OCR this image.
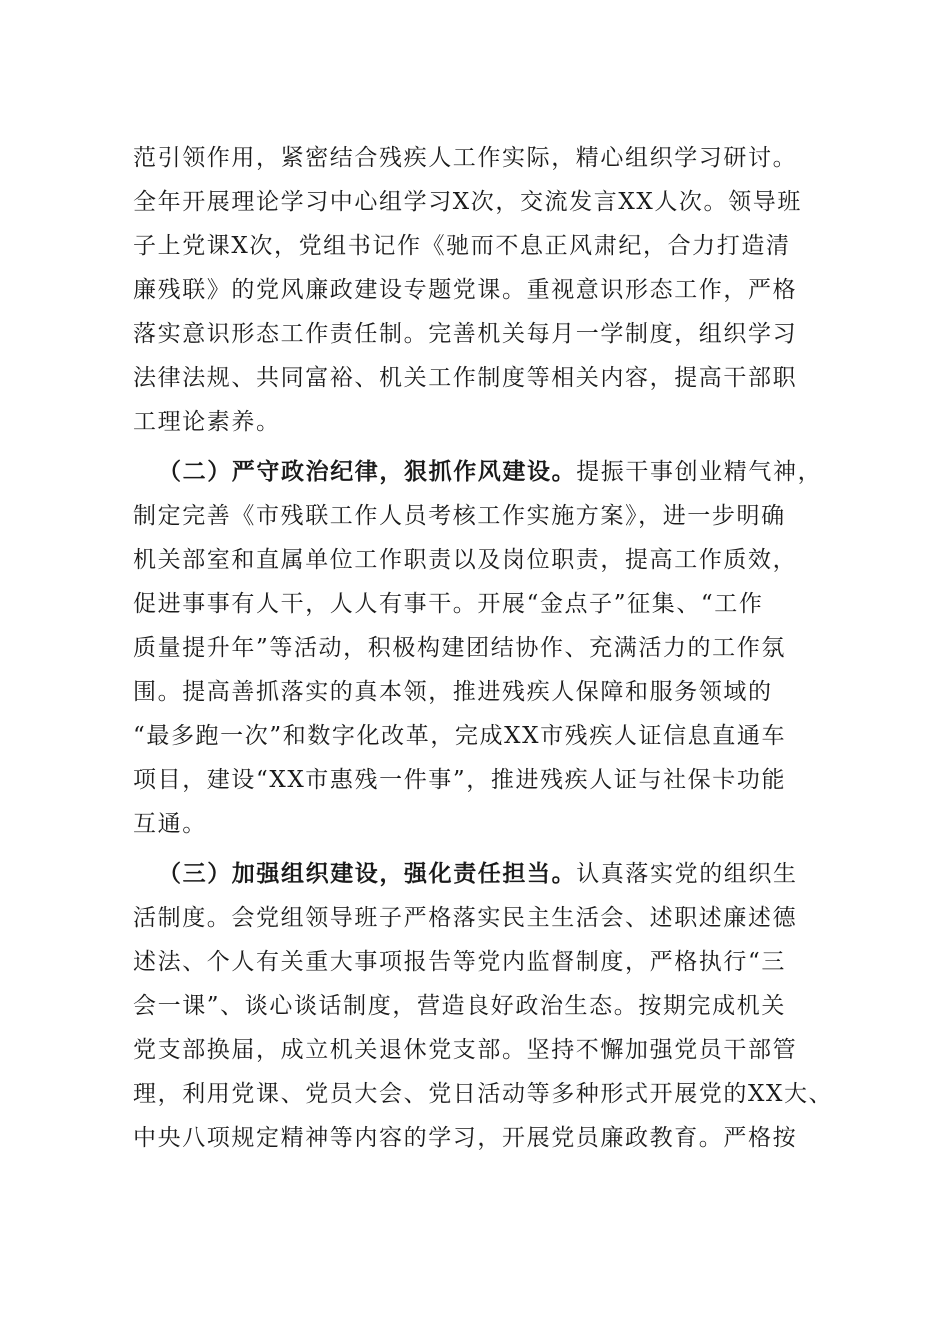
范引领作用，紧密结合残疾人工作实际，精心组织学习研讨。
全年开展理论学习中心组学习X次，交流发言XX人次。领导班
子上党课X次，党组书记作《驰而不息正风肃纪，合力打造清
廉残联》的党风廉政建设专题党课。重视意识形态工作，严格
落实意识形态工作责任制。完善机关每月一学制度，组织学习
法律法规、共同富裕、机关工作制度等相关内容，提高干部职
工理论素养。
（二）严守政治纪律，狠抓作风建设。提振干事创业精气神，
制定完善《市残联工作人员考核工作实施方案》，进一步明确
机关部室和直属单位工作职责以及岗位职责，提高工作质效，
促进事事有人干，人人有事干。开展“金点子”征集、“工作
质量提升年”等活动，积极构建团结协作、充满活力的工作氛
围。提高善抓落实的真本领，推进残疾人保障和服务领域的
“最多跑一次”和数字化改革，完成XX市残疾人证信息直通车
项目，建设“XX市惠残一件事”，推进残疾人证与社保卡功能
互通。
（三）加强组织建设，强化责任担当。认真落实党的组织生
活制度。会党组领导班子严格落实民主生活会、述职述廉述德
述法、个人有关重大事项报告等党内监督制度，严格执行“三
会一课”、谈心谈话制度，营造良好政治生态。按期完成机关
党支部换届，成立机关退休党支部。坚持不懈加强党员干部管
理，利用党课、党员大会、党日活动等多种形式开展党的XX大、
中央八项规定精神等内容的学习，开展党员廉政教育。严格按
